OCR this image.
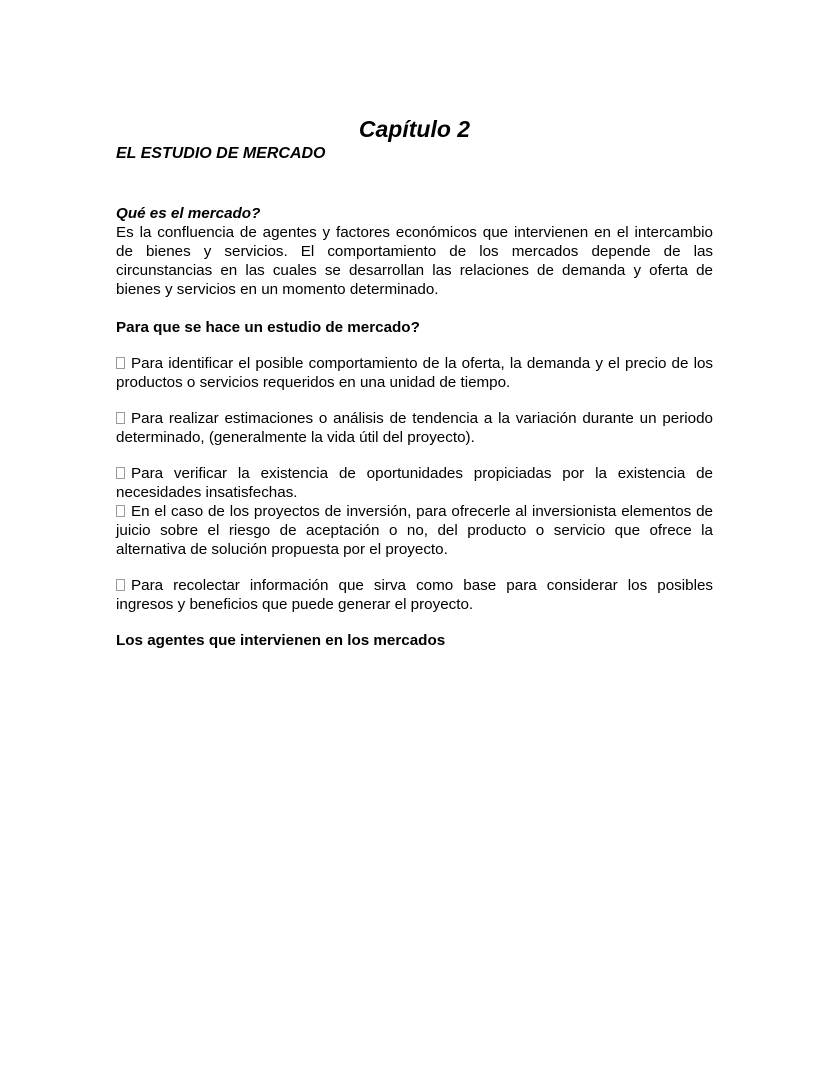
Capítulo 2
EL ESTUDIO DE MERCADO

Qué es el mercado?

Es la confluencia de agentes y factores económicos que intervienen en el intercambio de bienes y servicios. El comportamiento de los mercados depende de las circunstancias en las cuales se desarrollan las relaciones de demanda y oferta de bienes y servicios en un momento determinado.

Para que se hace un estudio de mercado?

Para identificar el posible comportamiento de la oferta, la demanda y el precio de los productos o servicios requeridos en una unidad de tiempo.

Para realizar estimaciones o análisis de tendencia a la variación durante un periodo determinado, (generalmente la vida útil del proyecto).

Para verificar la existencia de oportunidades propiciadas por la existencia de necesidades insatisfechas.

En el caso de los proyectos de inversión, para ofrecerle al inversionista elementos de juicio sobre el riesgo de aceptación o no, del producto o servicio que ofrece la alternativa de solución propuesta por el proyecto.

Para recolectar información que sirva como base para considerar los posibles ingresos y beneficios que puede generar el proyecto.

Los agentes que intervienen en los mercados
